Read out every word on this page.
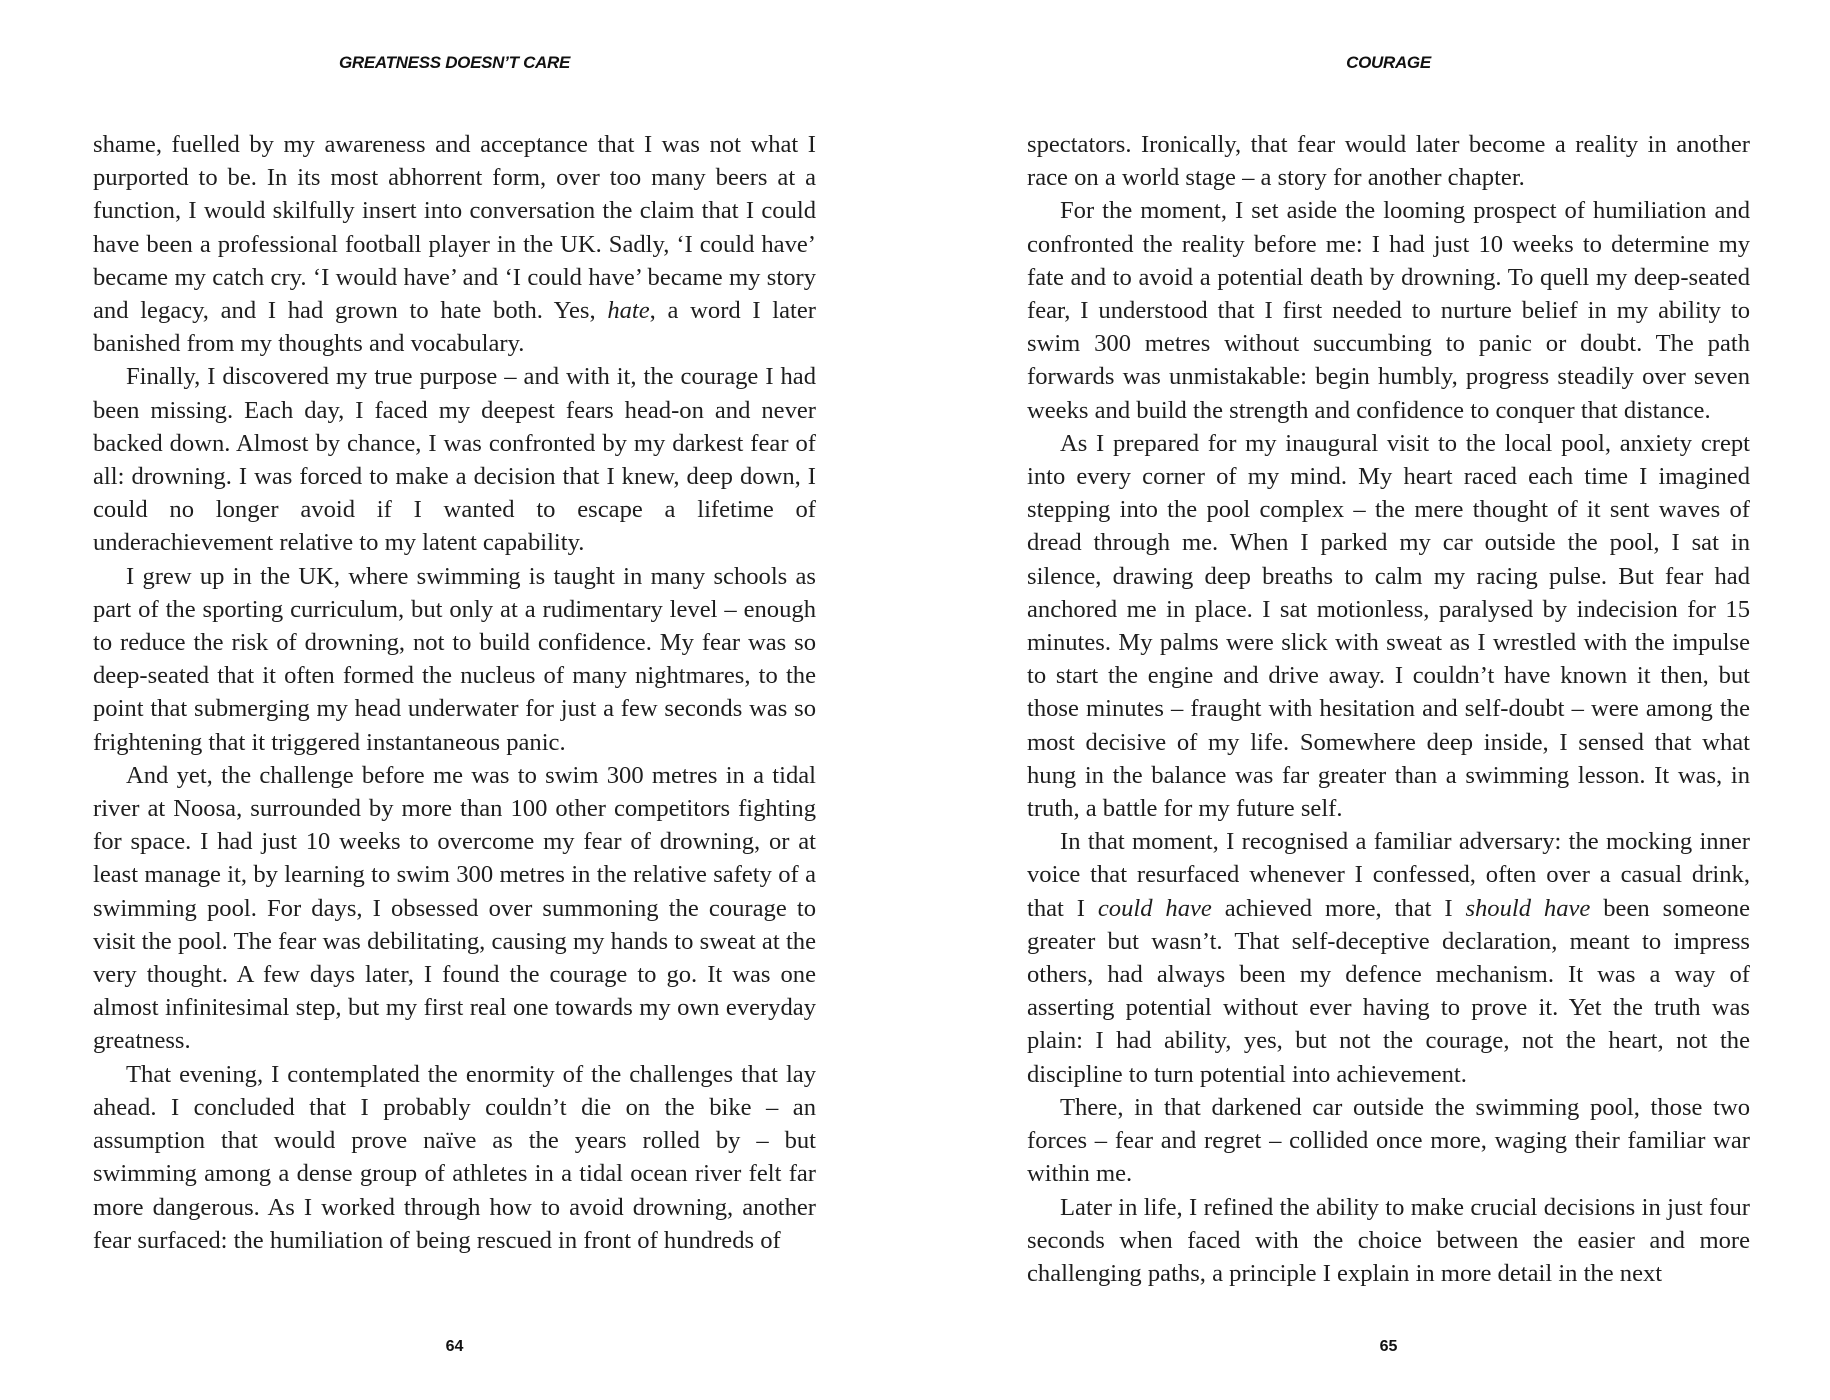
GREATNESS DOESN’T CARE

shame, fuelled by my awareness and acceptance that I was not what I purported to be. In its most abhorrent form, over too many beers at a function, I would skilfully insert into conversation the claim that I could have been a professional football player in the UK. Sadly, ‘I could have’ became my catch cry. ‘I would have’ and ‘I could have’ became my story and legacy, and I had grown to hate both. Yes, hate, a word I later banished from my thoughts and vocabulary.

Finally, I discovered my true purpose – and with it, the courage I had been missing. Each day, I faced my deepest fears head-on and never backed down. Almost by chance, I was confronted by my darkest fear of all: drowning. I was forced to make a decision that I knew, deep down, I could no longer avoid if I wanted to escape a lifetime of underachievement relative to my latent capability.

I grew up in the UK, where swimming is taught in many schools as part of the sporting curriculum, but only at a rudimentary level – enough to reduce the risk of drowning, not to build confidence. My fear was so deep-seated that it often formed the nucleus of many nightmares, to the point that submerging my head underwater for just a few seconds was so frightening that it triggered instantaneous panic.

And yet, the challenge before me was to swim 300 metres in a tidal river at Noosa, surrounded by more than 100 other competitors fighting for space. I had just 10 weeks to overcome my fear of drowning, or at least manage it, by learning to swim 300 metres in the relative safety of a swimming pool. For days, I obsessed over summoning the courage to visit the pool. The fear was debilitating, causing my hands to sweat at the very thought. A few days later, I found the courage to go. It was one almost infinitesimal step, but my first real one towards my own everyday greatness.

That evening, I contemplated the enormity of the challenges that lay ahead. I concluded that I probably couldn’t die on the bike – an assumption that would prove naïve as the years rolled by – but swimming among a dense group of athletes in a tidal ocean river felt far more dangerous. As I worked through how to avoid drowning, another fear surfaced: the humiliation of being rescued in front of hundreds of

64
COURAGE

spectators. Ironically, that fear would later become a reality in another race on a world stage – a story for another chapter.

For the moment, I set aside the looming prospect of humiliation and confronted the reality before me: I had just 10 weeks to determine my fate and to avoid a potential death by drowning. To quell my deep-seated fear, I understood that I first needed to nurture belief in my ability to swim 300 metres without succumbing to panic or doubt. The path forwards was unmistakable: begin humbly, progress steadily over seven weeks and build the strength and confidence to conquer that distance.

As I prepared for my inaugural visit to the local pool, anxiety crept into every corner of my mind. My heart raced each time I imagined stepping into the pool complex – the mere thought of it sent waves of dread through me. When I parked my car outside the pool, I sat in silence, drawing deep breaths to calm my racing pulse. But fear had anchored me in place. I sat motionless, paralysed by indecision for 15 minutes. My palms were slick with sweat as I wrestled with the impulse to start the engine and drive away. I couldn’t have known it then, but those minutes – fraught with hesitation and self-doubt – were among the most decisive of my life. Somewhere deep inside, I sensed that what hung in the balance was far greater than a swimming lesson. It was, in truth, a battle for my future self.

In that moment, I recognised a familiar adversary: the mocking inner voice that resurfaced whenever I confessed, often over a casual drink, that I could have achieved more, that I should have been someone greater but wasn’t. That self-deceptive declaration, meant to impress others, had always been my defence mechanism. It was a way of asserting potential without ever having to prove it. Yet the truth was plain: I had ability, yes, but not the courage, not the heart, not the discipline to turn potential into achievement.

There, in that darkened car outside the swimming pool, those two forces – fear and regret – collided once more, waging their familiar war within me.

Later in life, I refined the ability to make crucial decisions in just four seconds when faced with the choice between the easier and more challenging paths, a principle I explain in more detail in the next

65
